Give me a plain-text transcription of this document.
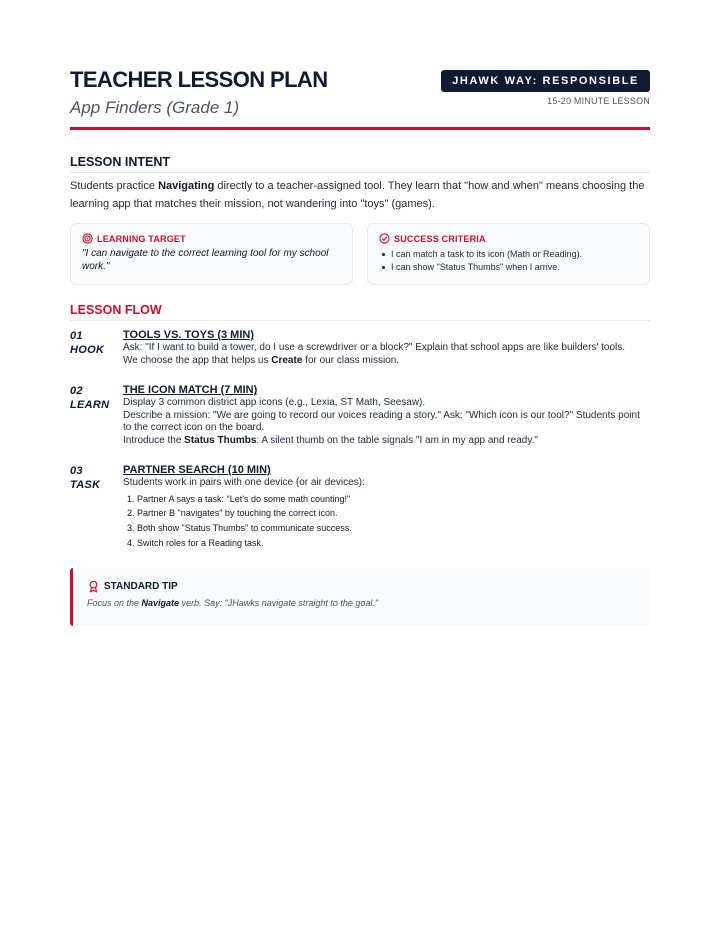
TEACHER LESSON PLAN
App Finders (Grade 1)
JHAWK WAY: RESPONSIBLE
15-20 MINUTE LESSON
LESSON INTENT

Students practice Navigating directly to a teacher-assigned tool. They learn that "how and when" means choosing the learning app that matches their mission, not wandering into "toys" (games).

LEARNING TARGET
"I can navigate to the correct learning tool for my school work."
SUCCESS CRITERIA
I can match a task to its icon (Math or Reading).
I can show "Status Thumbs" when I arrive.
LESSON FLOW
01
HOOK
TOOLS VS. TOYS (3 MIN)
Ask: "If I want to build a tower, do I use a screwdriver or a block?" Explain that school apps are like builders' tools.
We choose the app that helps us Create for our class mission.
02
LEARN
THE ICON MATCH (7 MIN)
Display 3 common district app icons (e.g., Lexia, ST Math, Seesaw).
Describe a mission: "We are going to record our voices reading a story." Ask: "Which icon is our tool?" Students point to the correct icon on the board.
Introduce the Status Thumbs: A silent thumb on the table signals "I am in my app and ready."
03
TASK
PARTNER SEARCH (10 MIN)
Students work in pairs with one device (or air devices):
1. Partner A says a task: "Let's do some math counting!"
2. Partner B "navigates" by touching the correct icon.
3. Both show "Status Thumbs" to communicate success.
4. Switch roles for a Reading task.
STANDARD TIP
Focus on the Navigate verb. Say: "JHawks navigate straight to the goal."
